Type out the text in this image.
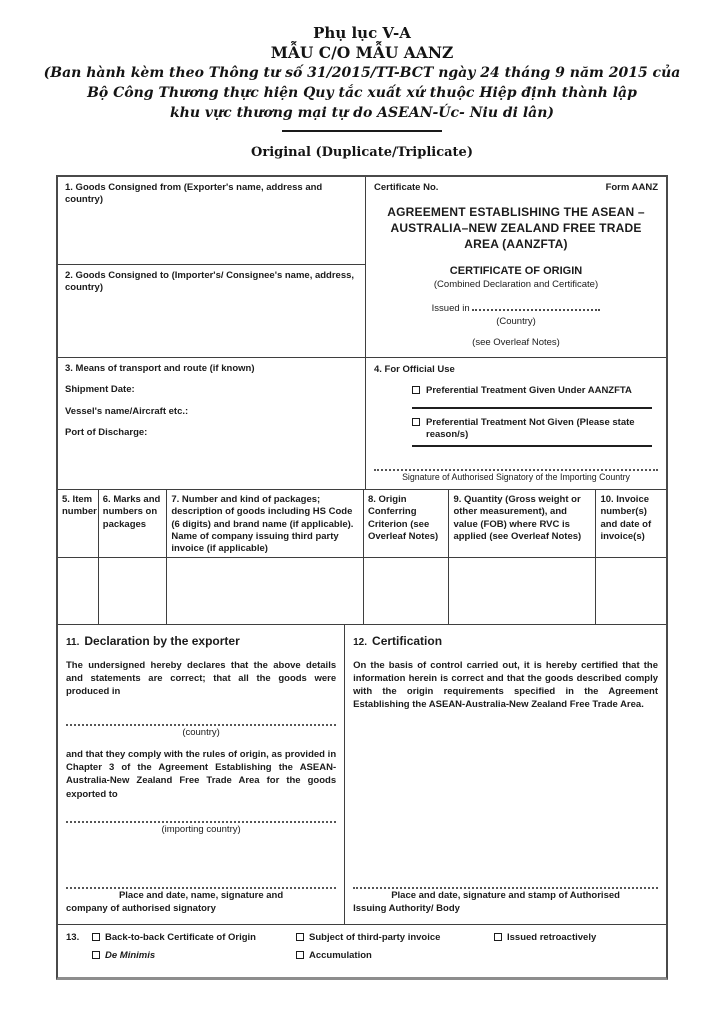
Phụ lục V-A
MẪU C/O MẪU AANZ
(Ban hành kèm theo Thông tư số 31/2015/TT-BCT ngày 24 tháng 9 năm 2015 của
Bộ Công Thương thực hiện Quy tắc xuất xứ thuộc Hiệp định thành lập
khu vực thương mại tự do ASEAN-Úc- Niu di lân)
Original (Duplicate/Triplicate)
1. Goods Consigned from (Exporter's name, address and country)
2. Goods Consigned to (Importer's/ Consignee's name, address, country)
3. Means of transport and route (if known)
Shipment Date:
Vessel's name/Aircraft etc.:
Port of Discharge:
Certificate No.	Form AANZ
AGREEMENT ESTABLISHING THE ASEAN – AUSTRALIA–NEW ZEALAND FREE TRADE AREA (AANZFTA)
CERTIFICATE OF ORIGIN
(Combined Declaration and Certificate)
Issued in
(Country)
(see Overleaf Notes)
4. For Official Use
Preferential Treatment Given Under AANZFTA
Preferential Treatment Not Given (Please state reason/s)
Signature of Authorised Signatory of the Importing Country
5. Item number
6. Marks and numbers on packages
7. Number and kind of packages; description of goods including HS Code (6 digits) and brand name (if applicable). Name of company issuing third party invoice (if applicable)
8. Origin Conferring Criterion (see Overleaf Notes)
9. Quantity (Gross weight or other measurement), and value (FOB) where RVC is applied (see Overleaf Notes)
10. Invoice number(s) and date of invoice(s)
11. Declaration by the exporter
The undersigned hereby declares that the above details and statements are correct; that all the goods were produced in
(country)
and that they comply with the rules of origin, as provided in Chapter 3 of the Agreement Establishing the ASEAN-Australia-New Zealand Free Trade Area for the goods exported to
(importing country)
Place and date, name, signature and
company of authorised signatory
12. Certification
On the basis of control carried out, it is hereby certified that the information herein is correct and that the goods described comply with the origin requirements specified in the Agreement Establishing the ASEAN-Australia-New Zealand Free Trade Area.
Place and date, signature and stamp of Authorised
Issuing Authority/ Body
13.	Back-to-back Certificate of Origin	Subject of third-party invoice	Issued retroactively
De Minimis	Accumulation
